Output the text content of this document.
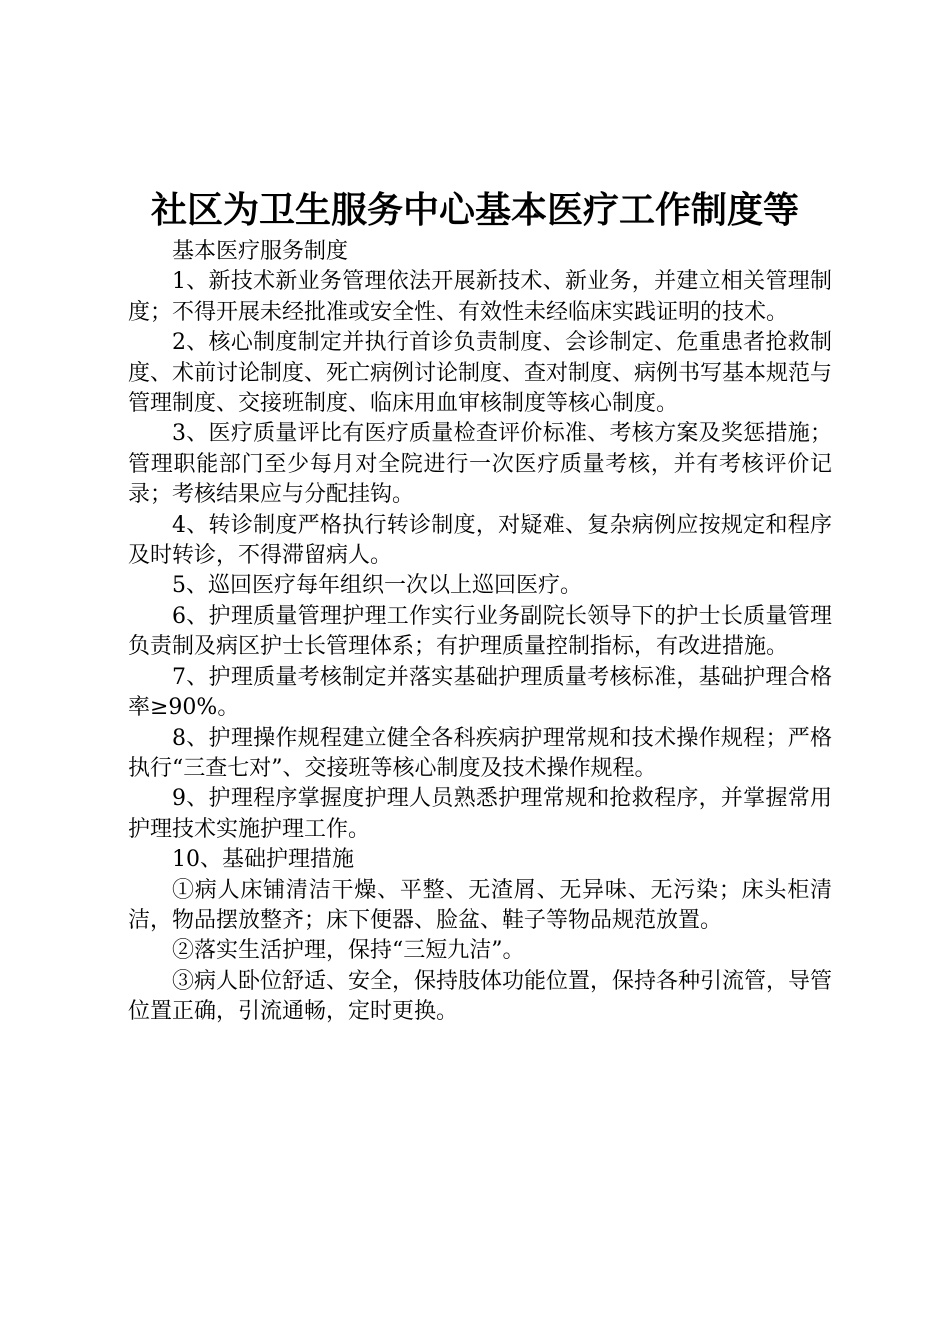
社区为卫生服务中心基本医疗工作制度等

基本医疗服务制度

1、新技术新业务管理依法开展新技术、新业务，并建立相关管理制度；不得开展未经批准或安全性、有效性未经临床实践证明的技术。

2、核心制度制定并执行首诊负责制度、会诊制定、危重患者抢救制度、术前讨论制度、死亡病例讨论制度、查对制度、病例书写基本规范与管理制度、交接班制度、临床用血审核制度等核心制度。

3、医疗质量评比有医疗质量检查评价标准、考核方案及奖惩措施；管理职能部门至少每月对全院进行一次医疗质量考核，并有考核评价记录；考核结果应与分配挂钩。

4、转诊制度严格执行转诊制度，对疑难、复杂病例应按规定和程序及时转诊，不得滞留病人。

5、巡回医疗每年组织一次以上巡回医疗。

6、护理质量管理护理工作实行业务副院长领导下的护士长质量管理负责制及病区护士长管理体系；有护理质量控制指标，有改进措施。

7、护理质量考核制定并落实基础护理质量考核标准，基础护理合格率≥90%。

8、护理操作规程建立健全各科疾病护理常规和技术操作规程；严格执行“三查七对”、交接班等核心制度及技术操作规程。

9、护理程序掌握度护理人员熟悉护理常规和抢救程序，并掌握常用护理技术实施护理工作。

10、基础护理措施

①病人床铺清洁干燥、平整、无渣屑、无异味、无污染；床头柜清洁，物品摆放整齐；床下便器、脸盆、鞋子等物品规范放置。

②落实生活护理，保持“三短九洁”。

③病人卧位舒适、安全，保持肢体功能位置，保持各种引流管，导管位置正确，引流通畅，定时更换。
